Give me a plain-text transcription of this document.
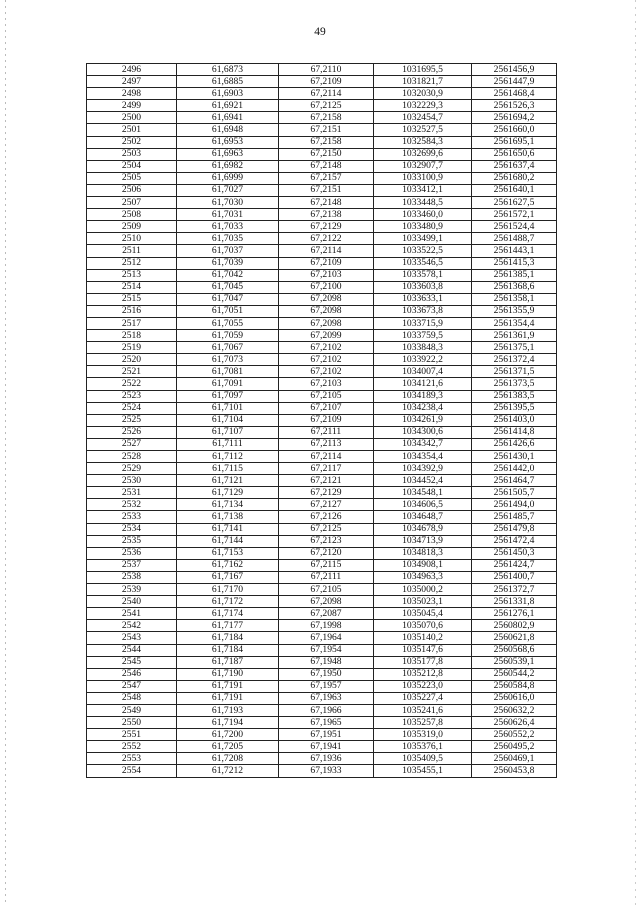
49
2496	61,6873	67,2110	1031695,5	2561456,9
2497	61,6885	67,2109	1031821,7	2561447,9
2498	61,6903	67,2114	1032030,9	2561468,4
2499	61,6921	67,2125	1032229,3	2561526,3
2500	61,6941	67,2158	1032454,7	2561694,2
2501	61,6948	67,2151	1032527,5	2561660,0
2502	61,6953	67,2158	1032584,3	2561695,1
2503	61,6963	67,2150	1032699,6	2561650,6
2504	61,6982	67,2148	1032907,7	2561637,4
2505	61,6999	67,2157	1033100,9	2561680,2
2506	61,7027	67,2151	1033412,1	2561640,1
2507	61,7030	67,2148	1033448,5	2561627,5
2508	61,7031	67,2138	1033460,0	2561572,1
2509	61,7033	67,2129	1033480,9	2561524,4
2510	61,7035	67,2122	1033499,1	2561488,7
2511	61,7037	67,2114	1033522,5	2561443,1
2512	61,7039	67,2109	1033546,5	2561415,3
2513	61,7042	67,2103	1033578,1	2561385,1
2514	61,7045	67,2100	1033603,8	2561368,6
2515	61,7047	67,2098	1033633,1	2561358,1
2516	61,7051	67,2098	1033673,8	2561355,9
2517	61,7055	67,2098	1033715,9	2561354,4
2518	61,7059	67,2099	1033759,5	2561361,9
2519	61,7067	67,2102	1033848,3	2561375,1
2520	61,7073	67,2102	1033922,2	2561372,4
2521	61,7081	67,2102	1034007,4	2561371,5
2522	61,7091	67,2103	1034121,6	2561373,5
2523	61,7097	67,2105	1034189,3	2561383,5
2524	61,7101	67,2107	1034238,4	2561395,5
2525	61,7104	67,2109	1034261,9	2561403,0
2526	61,7107	67,2111	1034300,6	2561414,8
2527	61,7111	67,2113	1034342,7	2561426,6
2528	61,7112	67,2114	1034354,4	2561430,1
2529	61,7115	67,2117	1034392,9	2561442,0
2530	61,7121	67,2121	1034452,4	2561464,7
2531	61,7129	67,2129	1034548,1	2561505,7
2532	61,7134	67,2127	1034606,5	2561494,0
2533	61,7138	67,2126	1034648,7	2561485,7
2534	61,7141	67,2125	1034678,9	2561479,8
2535	61,7144	67,2123	1034713,9	2561472,4
2536	61,7153	67,2120	1034818,3	2561450,3
2537	61,7162	67,2115	1034908,1	2561424,7
2538	61,7167	67,2111	1034963,3	2561400,7
2539	61,7170	67,2105	1035000,2	2561372,7
2540	61,7172	67,2098	1035023,1	2561331,8
2541	61,7174	67,2087	1035045,4	2561276,1
2542	61,7177	67,1998	1035070,6	2560802,9
2543	61,7184	67,1964	1035140,2	2560621,8
2544	61,7184	67,1954	1035147,6	2560568,6
2545	61,7187	67,1948	1035177,8	2560539,1
2546	61,7190	67,1950	1035212,8	2560544,2
2547	61,7191	67,1957	1035223,0	2560584,8
2548	61,7191	67,1963	1035227,4	2560616,0
2549	61,7193	67,1966	1035241,6	2560632,2
2550	61,7194	67,1965	1035257,8	2560626,4
2551	61,7200	67,1951	1035319,0	2560552,2
2552	61,7205	67,1941	1035376,1	2560495,2
2553	61,7208	67,1936	1035409,5	2560469,1
2554	61,7212	67,1933	1035455,1	2560453,8
